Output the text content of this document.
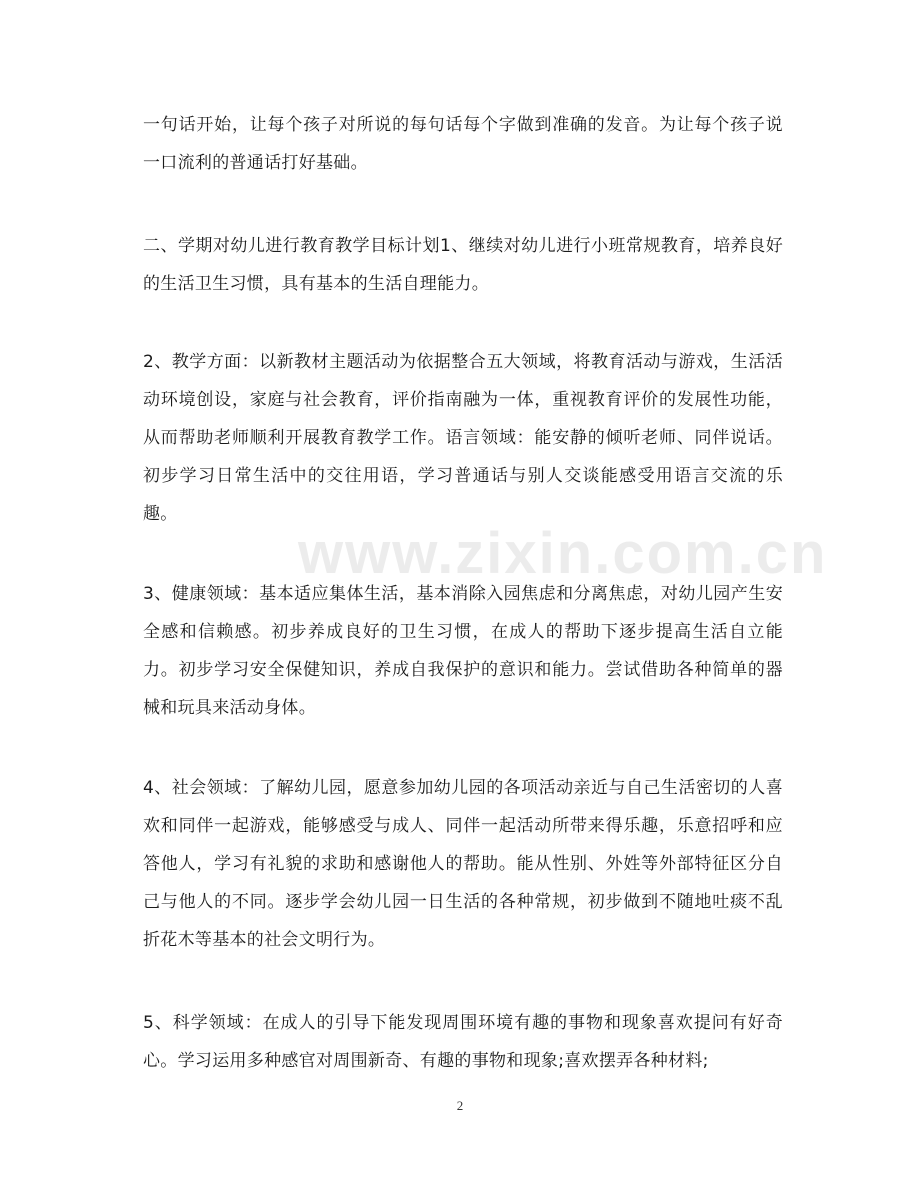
一句话开始，让每个孩子对所说的每句话每个字做到准确的发音。为让每个孩子说一口流利的普通话打好基础。

二、学期对幼儿进行教育教学目标计划1、继续对幼儿进行小班常规教育，培养良好的生活卫生习惯，具有基本的生活自理能力。

2、教学方面：以新教材主题活动为依据整合五大领域，将教育活动与游戏，生活活动环境创设，家庭与社会教育，评价指南融为一体，重视教育评价的发展性功能，从而帮助老师顺利开展教育教学工作。语言领域：能安静的倾听老师、同伴说话。初步学习日常生活中的交往用语，学习普通话与别人交谈能感受用语言交流的乐趣。

3、健康领域：基本适应集体生活，基本消除入园焦虑和分离焦虑，对幼儿园产生安全感和信赖感。初步养成良好的卫生习惯，在成人的帮助下逐步提高生活自立能力。初步学习安全保健知识，养成自我保护的意识和能力。尝试借助各种简单的器械和玩具来活动身体。

4、社会领域：了解幼儿园，愿意参加幼儿园的各项活动亲近与自己生活密切的人喜欢和同伴一起游戏，能够感受与成人、同伴一起活动所带来得乐趣，乐意招呼和应答他人，学习有礼貌的求助和感谢他人的帮助。能从性别、外姓等外部特征区分自己与他人的不同。逐步学会幼儿园一日生活的各种常规，初步做到不随地吐痰不乱折花木等基本的社会文明行为。

5、科学领域：在成人的引导下能发现周围环境有趣的事物和现象喜欢提问有好奇心。学习运用多种感官对周围新奇、有趣的事物和现象;喜欢摆弄各种材料;

www.zixin.com.cn
2
